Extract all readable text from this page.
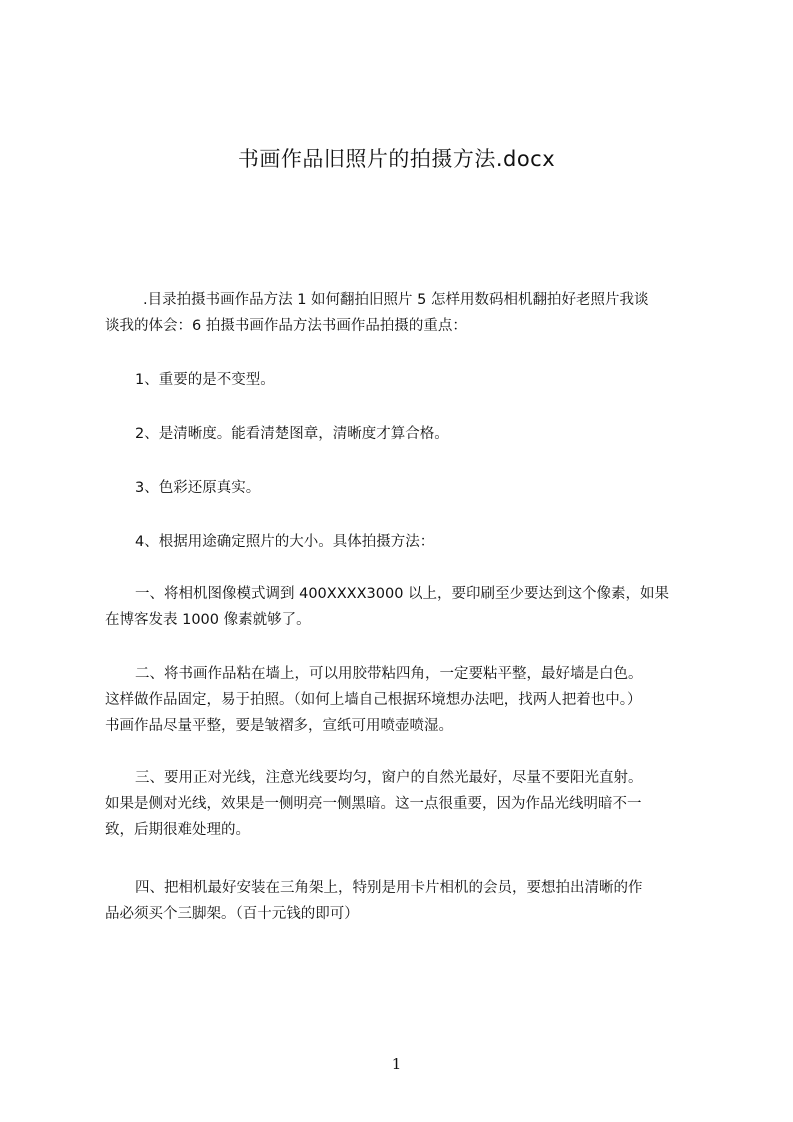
书画作品旧照片的拍摄方法.docx

.目录拍摄书画作品方法 1 如何翻拍旧照片 5 怎样用数码相机翻拍好老照片我谈
谈我的体会：6 拍摄书画作品方法书画作品拍摄的重点：

1、重要的是不变型。

2、是清晰度。能看清楚图章，清晰度才算合格。

3、色彩还原真实。

4、根据用途确定照片的大小。具体拍摄方法：

一、将相机图像模式调到 400XXXX3000 以上，要印刷至少要达到这个像素，如果
在博客发表 1000 像素就够了。

二、将书画作品粘在墙上，可以用胶带粘四角，一定要粘平整，最好墙是白色。
这样做作品固定，易于拍照。（如何上墙自己根据环境想办法吧，找两人把着也中。）
书画作品尽量平整，要是皱褶多，宣纸可用喷壶喷湿。

三、要用正对光线，注意光线要均匀，窗户的自然光最好，尽量不要阳光直射。
如果是侧对光线，效果是一侧明亮一侧黑暗。这一点很重要，因为作品光线明暗不一
致，后期很难处理的。

四、把相机最好安装在三角架上，特别是用卡片相机的会员，要想拍出清晰的作
品必须买个三脚架。（百十元钱的即可）

1
